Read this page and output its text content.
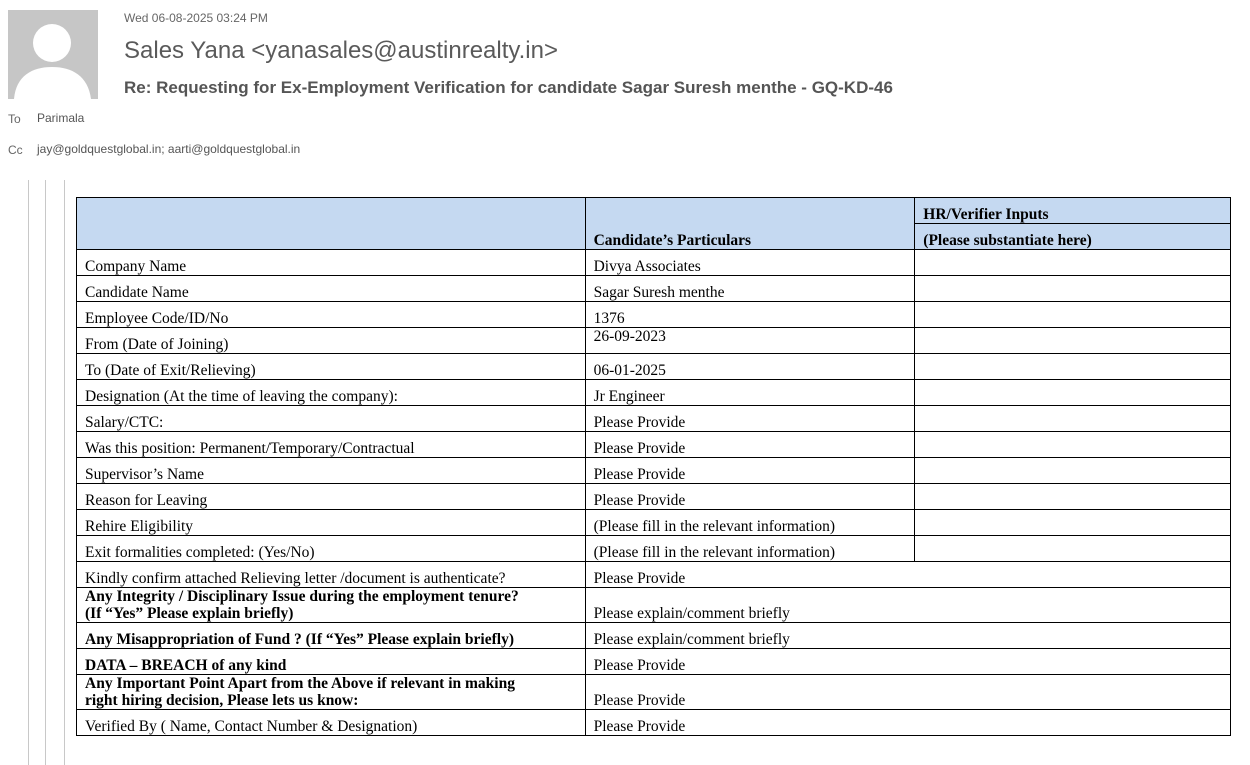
Wed 06-08-2025 03:24 PM
Sales Yana <yanasales@austinrealty.in>
Re: Requesting for Ex-Employment Verification for candidate Sagar Suresh menthe - GQ-KD-46
To Parimala
Cc jay@goldquestglobal.in; aarti@goldquestglobal.in
	Candidate’s Particulars	HR/Verifier Inputs
		(Please substantiate here)
Company Name	Divya Associates	
Candidate Name	Sagar Suresh menthe	
Employee Code/ID/No	1376	
From (Date of Joining)	26-09-2023	
To (Date of Exit/Relieving)	06-01-2025	
Designation (At the time of leaving the company):	Jr Engineer	
Salary/CTC:	Please Provide	
Was this position: Permanent/Temporary/Contractual	Please Provide	
Supervisor’s Name	Please Provide	
Reason for Leaving	Please Provide	
Rehire Eligibility	(Please fill in the relevant information)	
Exit formalities completed: (Yes/No)	(Please fill in the relevant information)	
Kindly confirm attached Relieving letter /document is authenticate?	Please Provide	

Any Integrity / Disciplinary Issue during the employment tenure?
(If “Yes” Please explain briefly)	Please explain/comment briefly	
Any Misappropriation of Fund ? (If “Yes” Please explain briefly)	Please explain/comment briefly	
DATA – BREACH of any kind	Please Provide	

Any Important Point Apart from the Above if relevant in making
right hiring decision, Please lets us know:	Please Provide	
Verified By ( Name, Contact Number & Designation)	Please Provide	
